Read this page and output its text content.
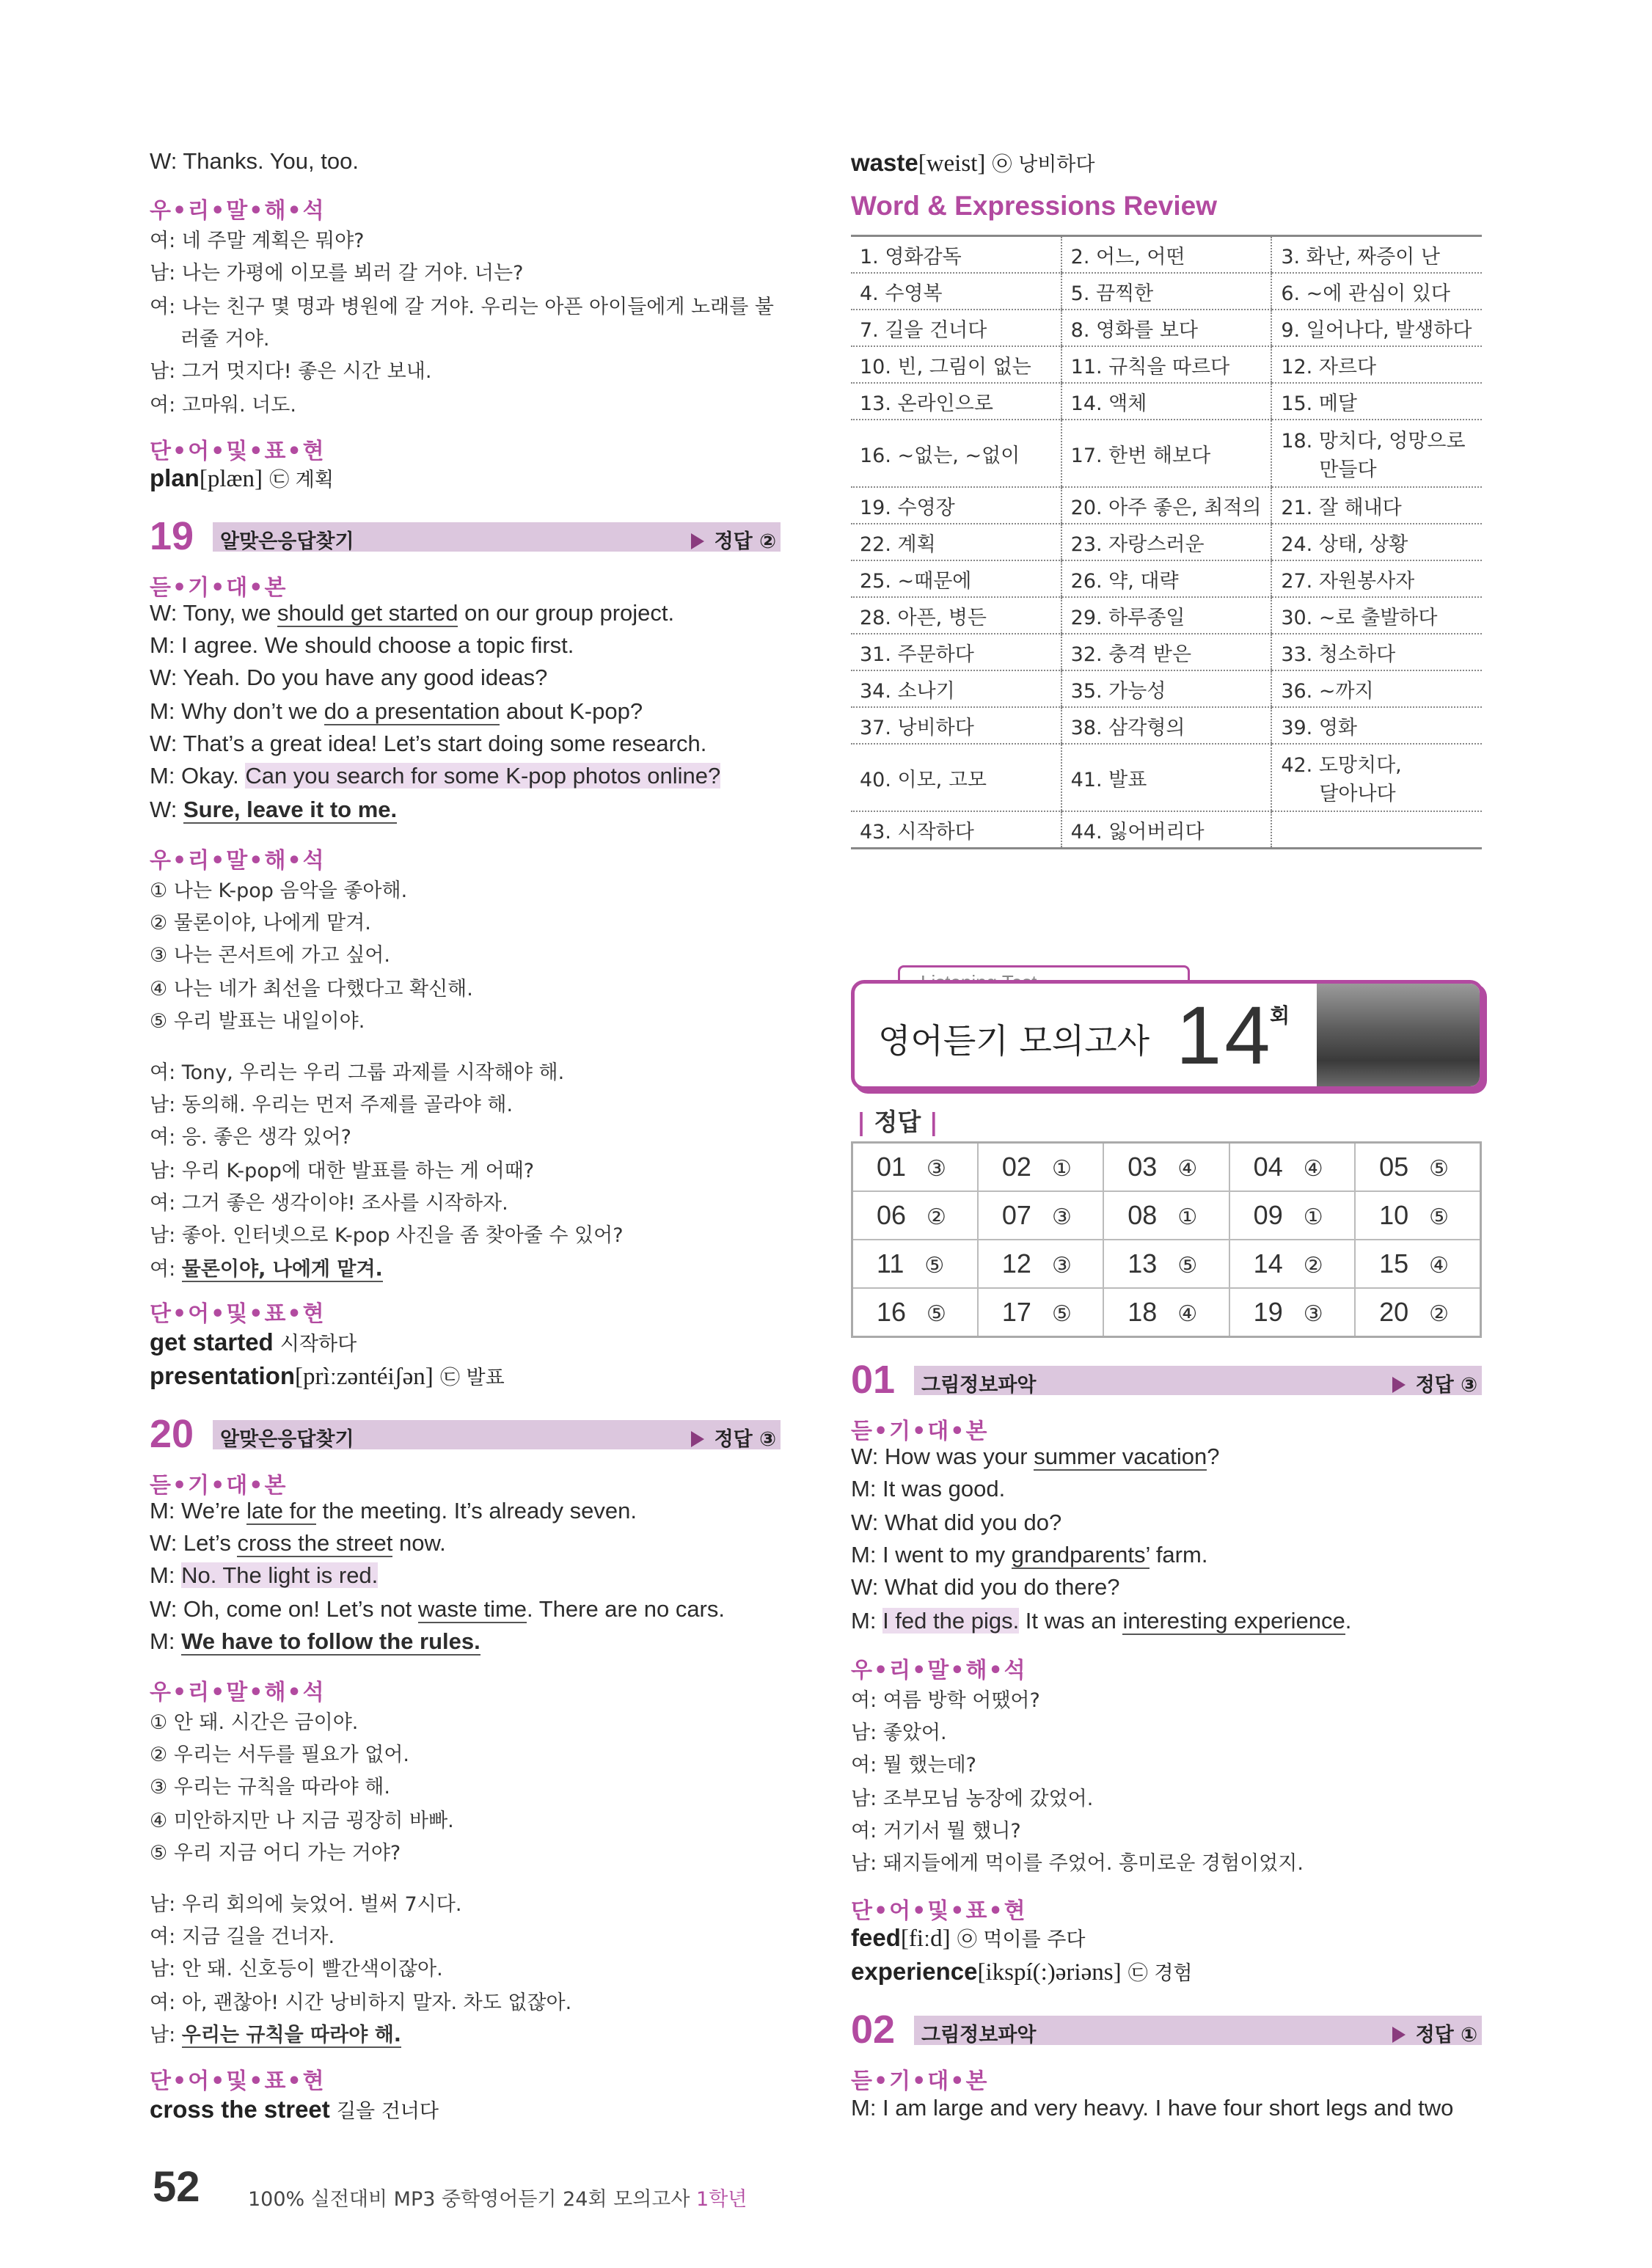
W: Thanks. You, too.
우•리•말•해•석
여: 네 주말 계획은 뭐야?
남: 나는 가평에 이모를 뵈러 갈 거야. 너는?
여: 나는 친구 몇 명과 병원에 갈 거야. 우리는 아픈 아이들에게 노래를 불
러줄 거야.
남: 그거 멋지다! 좋은 시간 보내.
여: 고마워. 너도.
단•어•및•표•현
plan[plæn] ㉢ 계획
19 알맞은응답찾기	정답 ②
듣•기•대•본
W: Tony, we should get started on our group project.
M: I agree. We should choose a topic first.
W: Yeah. Do you have any good ideas?
M: Why don’t we do a presentation about K-pop?
W: That’s a great idea! Let’s start doing some research.
M: Okay. Can you search for some K-pop photos online?
W: Sure, leave it to me.
우•리•말•해•석
① 나는 K-pop 음악을 좋아해.
② 물론이야, 나에게 맡겨.
③ 나는 콘서트에 가고 싶어.
④ 나는 네가 최선을 다했다고 확신해.
⑤ 우리 발표는 내일이야.
여: Tony, 우리는 우리 그룹 과제를 시작해야 해.
남: 동의해. 우리는 먼저 주제를 골라야 해.
여: 응. 좋은 생각 있어?
남: 우리 K-pop에 대한 발표를 하는 게 어때?
여: 그거 좋은 생각이야! 조사를 시작하자.
남: 좋아. 인터넷으로 K-pop 사진을 좀 찾아줄 수 있어?
여: 물론이야, 나에게 맡겨.
단•어•및•표•현
get started 시작하다
presentation[prìːzəntéiʃən] ㉢ 발표
20 알맞은응답찾기	정답 ③
듣•기•대•본
M: We’re late for the meeting. It’s already seven.
W: Let’s cross the street now.
M: No. The light is red.
W: Oh, come on! Let’s not waste time. There are no cars.
M: We have to follow the rules.
우•리•말•해•석
① 안 돼. 시간은 금이야.
② 우리는 서두를 필요가 없어.
③ 우리는 규칙을 따라야 해.
④ 미안하지만 나 지금 굉장히 바빠.
⑤ 우리 지금 어디 가는 거야?
남: 우리 회의에 늦었어. 벌써 7시다.
여: 지금 길을 건너자.
남: 안 돼. 신호등이 빨간색이잖아.
여: 아, 괜찮아! 시간 낭비하지 말자. 차도 없잖아.
남: 우리는 규칙을 따라야 해.
단•어•및•표•현
cross the street 길을 건너다
waste[weist] ㉧ 낭비하다
Word & Expressions Review
1. 영화감독	2. 어느, 어떤	3. 화난, 짜증이 난
4. 수영복	5. 끔찍한	6. ~에 관심이 있다
7. 길을 건너다	8. 영화를 보다	9. 일어나다, 발생하다
10. 빈, 그림이 없는	11. 규칙을 따르다	12. 자르다
13. 온라인으로	14. 액체	15. 메달
16. ~없는, ~없이	17. 한번 해보다	18. 망치다, 엉망으로
만들다
19. 수영장	20. 아주 좋은, 최적의	21. 잘 해내다
22. 계획	23. 자랑스러운	24. 상태, 상황
25. ~때문에	26. 약, 대략	27. 자원봉사자
28. 아픈, 병든	29. 하루종일	30. ~로 출발하다
31. 주문하다	32. 충격 받은	33. 청소하다
34. 소나기	35. 가능성	36. ~까지
37. 낭비하다	38. 삼각형의	39. 영화
40. 이모, 고모	41. 발표	42. 도망치다,
달아나다
43. 시작하다	44. 잃어버리다	
영어듣기 모의고사 14
회
| 정답 |
01 ③	02 ①	03 ④	04 ④	05 ⑤
06 ②	07 ③	08 ①	09 ①	10 ⑤
11 ⑤	12 ③	13 ⑤	14 ②	15 ④
16 ⑤	17 ⑤	18 ④	19 ③	20 ②
01 그림정보파악	정답 ③
듣•기•대•본
W: How was your summer vacation?
M: It was good.
W: What did you do?
M: I went to my grandparents’ farm.
W: What did you do there?
M: I fed the pigs. It was an interesting experience.
우•리•말•해•석
여: 여름 방학 어땠어?
남: 좋았어.
여: 뭘 했는데?
남: 조부모님 농장에 갔었어.
여: 거기서 뭘 했니?
남: 돼지들에게 먹이를 주었어. 흥미로운 경험이었지.
단•어•및•표•현
feed[fiːd] ㉧ 먹이를 주다
experience[ikspí(:)əriəns] ㉢ 경험
02 그림정보파악	정답 ①
듣•기•대•본
M: I am large and very heavy. I have four short legs and two
52 100% 실전대비 MP3 중학영어듣기 24회 모의고사 1학년
